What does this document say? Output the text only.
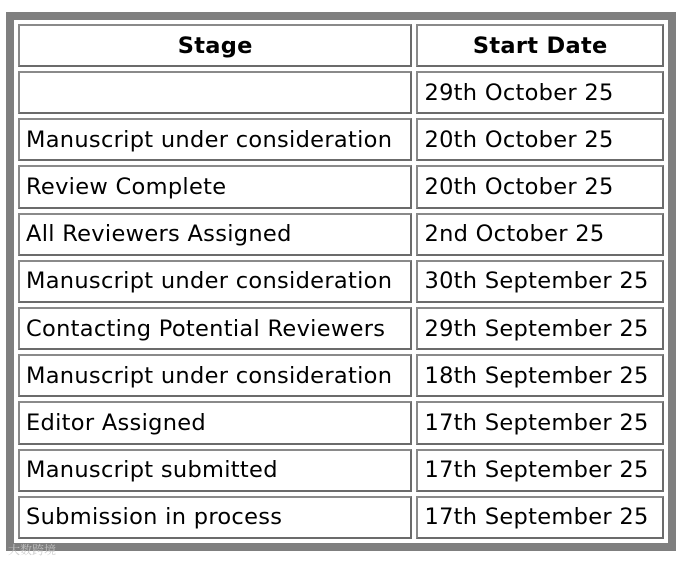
Stage	Start Date
	29th October 25
Manuscript under consideration	20th October 25
Review Complete	20th October 25
All Reviewers Assigned	2nd October 25
Manuscript under consideration	30th September 25
Contacting Potential Reviewers	29th September 25
Manuscript under consideration	18th September 25
Editor Assigned	17th September 25
Manuscript submitted	17th September 25
Submission in process	17th September 25
大数跨境
